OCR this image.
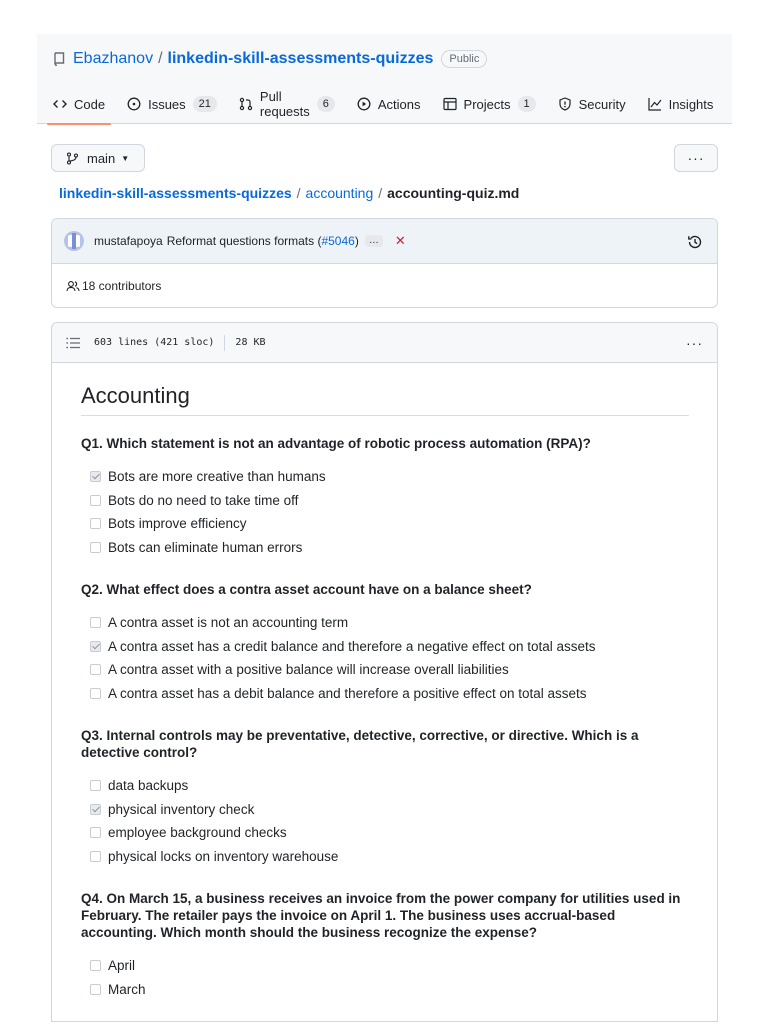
Ebazhanov / linkedin-skill-assessments-quizzes	Public
Code	Issues	21	Pull requests	6	Actions	Projects	1	Security	Insights
main ▼	···
linkedin-skill-assessments-quizzes / accounting / accounting-quiz.md
mustafapoya Reformat questions formats (#5046)	…	✕
18 contributors
603 lines (421 sloc) 28 KB	···
Accounting

Q1. Which statement is not an advantage of robotic process automation (RPA)?

Bots are more creative than humans
Bots do no need to take time off
Bots improve efficiency
Bots can eliminate human errors

Q2. What effect does a contra asset account have on a balance sheet?

A contra asset is not an accounting term
A contra asset has a credit balance and therefore a negative effect on total assets
A contra asset with a positive balance will increase overall liabilities
A contra asset has a debit balance and therefore a positive effect on total assets

Q3. Internal controls may be preventative, detective, corrective, or directive. Which is a detective control?

data backups
physical inventory check
employee background checks
physical locks on inventory warehouse

Q4. On March 15, a business receives an invoice from the power company for utilities used in February. The retailer pays the invoice on April 1. The business uses accrual-based accounting. Which month should the business recognize the expense?

April
March
